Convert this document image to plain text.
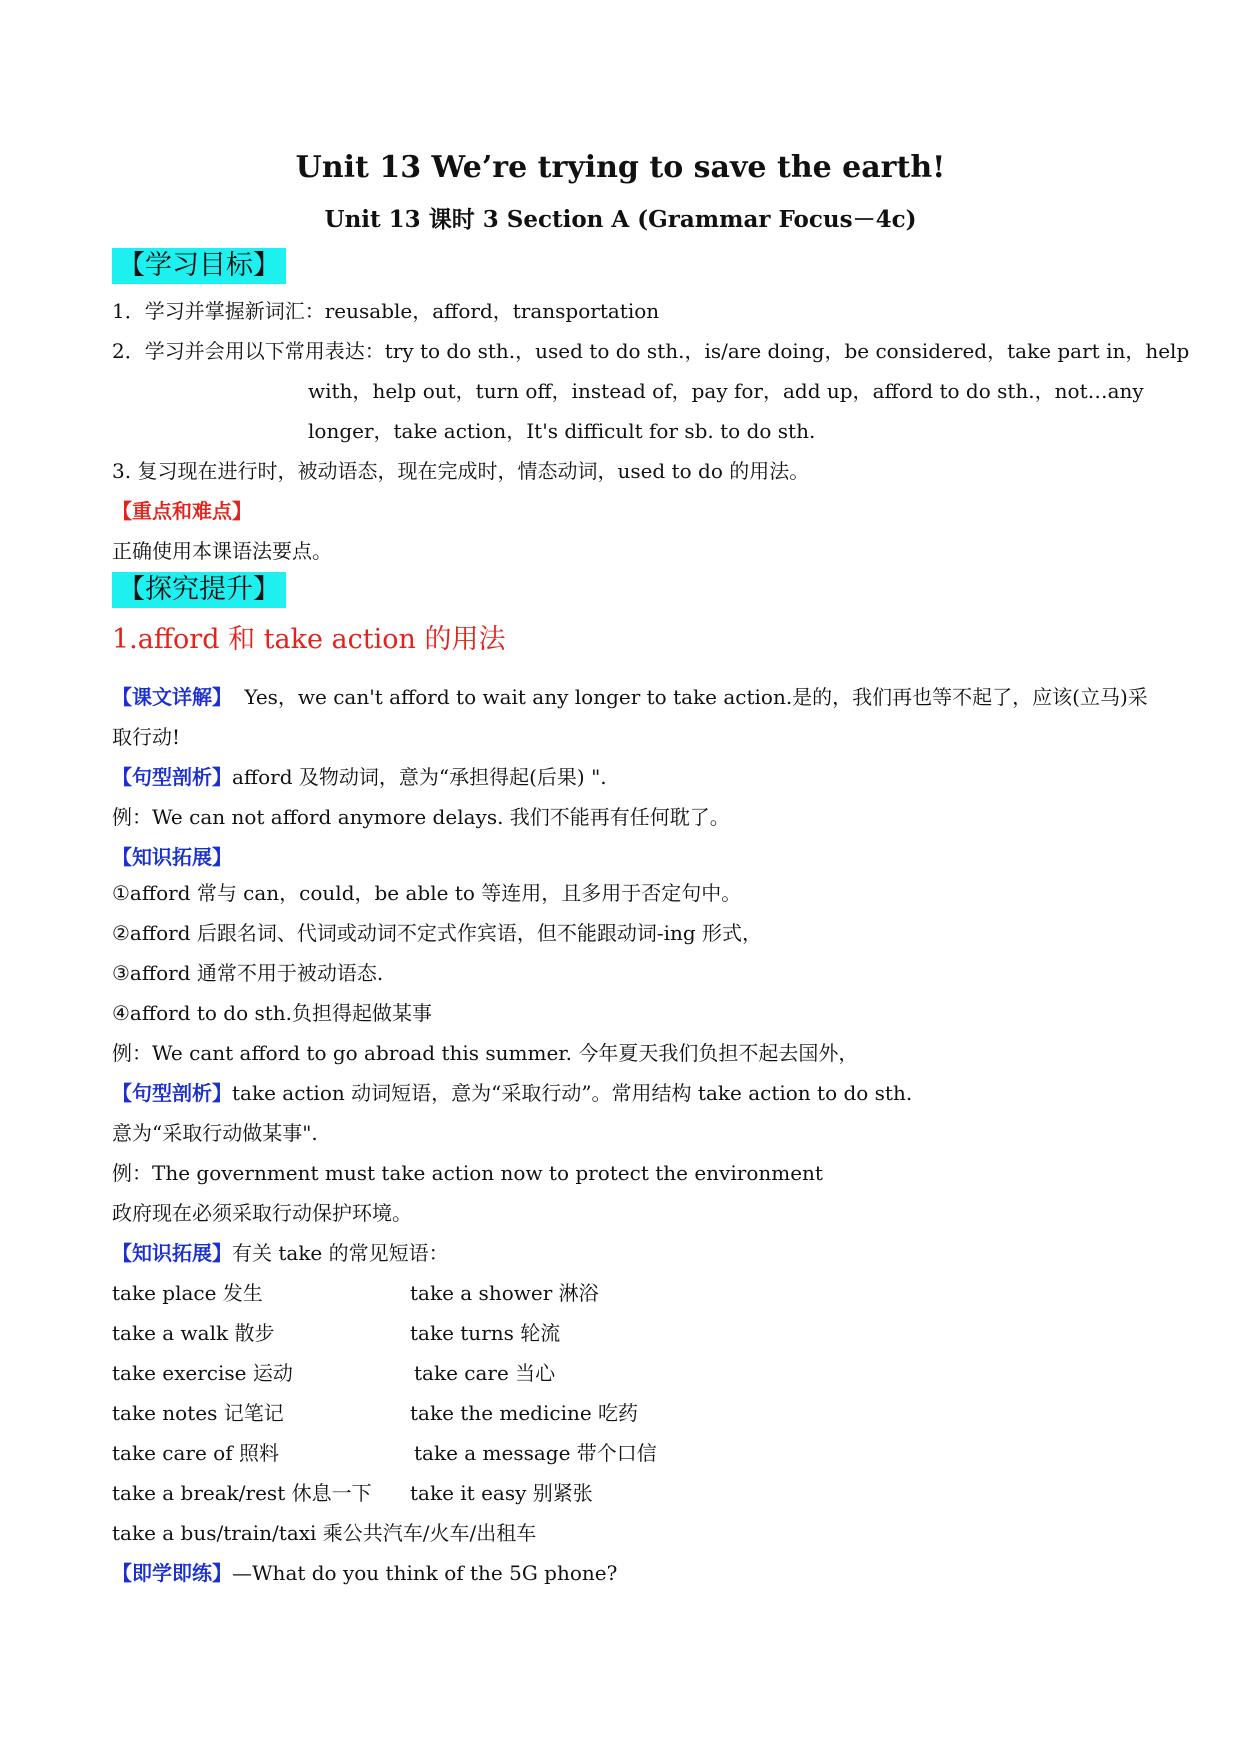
Unit 13 We’re trying to save the earth!
Unit 13 课时 3 Section A (Grammar Focus－4c)
【学习目标】
1．学习并掌握新词汇：reusable，afford，transportation
2．学习并会用以下常用表达：try to do sth.， used to do sth.， is/are doing， be considered， take part in， help
with， help out， turn off， instead of， pay for， add up， afford to do sth.， not…any
longer，take action，It's difficult for sb. to do sth.
3. 复习现在进行时，被动语态，现在完成时，情态动词，used to do 的用法。
【重点和难点】
正确使用本课语法要点。
【探究提升】
1.afford 和 take action 的用法
【课文详解】 Yes，we can't afford to wait any longer to take action.是的，我们再也等不起了，应该(立马)采
取行动!
【句型剖析】afford 及物动词，意为“承担得起(后果) ".
例：We can not afford anymore delays. 我们不能再有任何耽了。
【知识拓展】
①afford 常与 can，could，be able to 等连用，且多用于否定句中。
②afford 后跟名词、代词或动词不定式作宾语，但不能跟动词-ing 形式，
③afford 通常不用于被动语态.
④afford to do sth.负担得起做某事
例：We cant afford to go abroad this summer. 今年夏天我们负担不起去国外，
【句型剖析】take action 动词短语，意为“采取行动”。常用结构 take action to do sth.
意为“采取行动做某事".
例：The government must take action now to protect the environment
政府现在必须采取行动保护环境。
【知识拓展】有关 take 的常见短语：
take place 发生	take a shower 淋浴
take a walk 散步	take turns 轮流
take exercise 运动	take care 当心
take notes 记笔记	take the medicine 吃药
take care of 照料	take a message 带个口信
take a break/rest 休息一下 take it easy 别紧张
take a bus/train/taxi 乘公共汽车/火车/出租车
【即学即练】—What do you think of the 5G phone?
